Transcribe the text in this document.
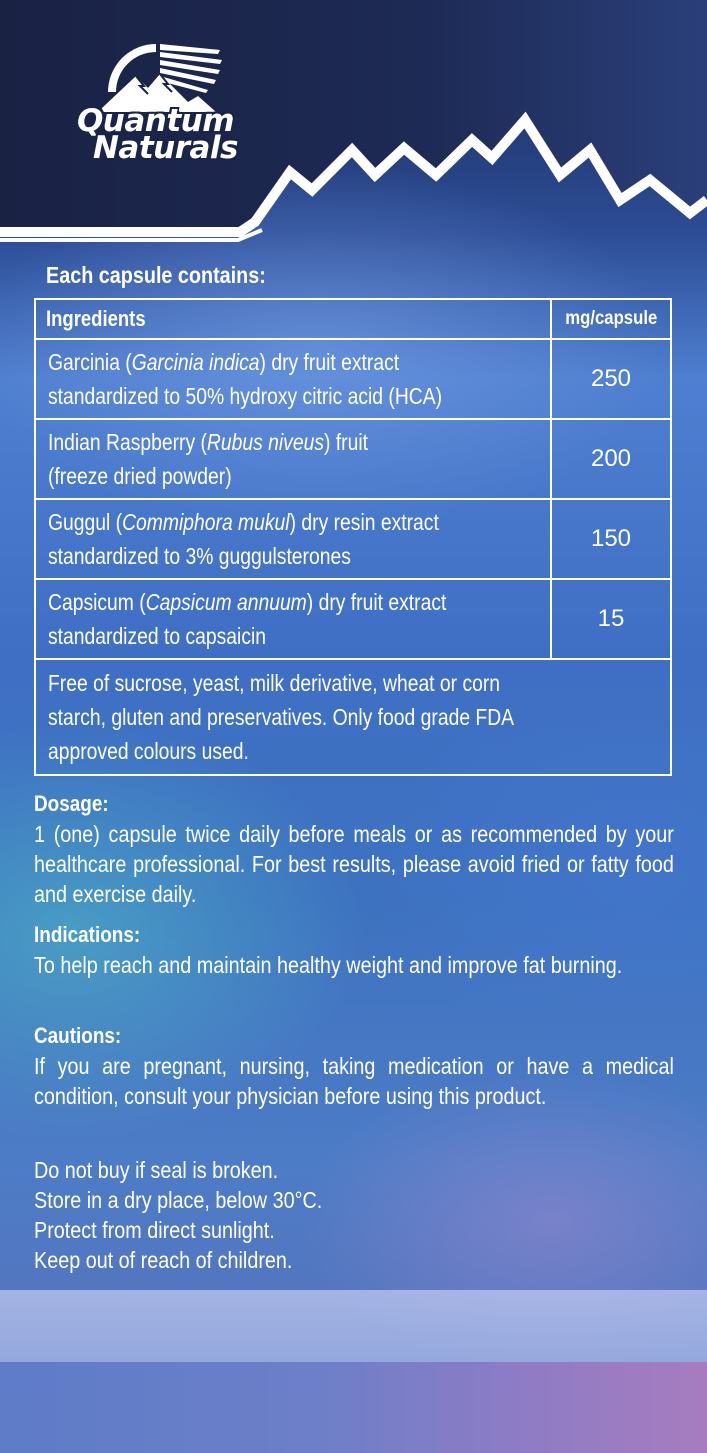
Quantum
Naturals
Each capsule contains:
Ingredients	mg/capsule
Garcinia (Garcinia indica) dry fruit extract
standardized to 50% hydroxy citric acid (HCA)	250
Indian Raspberry (Rubus niveus) fruit
(freeze dried powder)	200
Guggul (Commiphora mukul) dry resin extract
standardized to 3% guggulsterones	150
Capsicum (Capsicum annuum) dry fruit extract
standardized to capsaicin	15
Free of sucrose, yeast, milk derivative, wheat or corn
starch, gluten and preservatives. Only food grade FDA
approved colours used.	
Dosage:
1 (one) capsule twice daily before meals or as recommended by your healthcare professional. For best results, please avoid fried or fatty food and exercise daily.
Indications:
To help reach and maintain healthy weight and improve fat burning.
Cautions:
If you are pregnant, nursing, taking medication or have a medical condition, consult your physician before using this product.
Do not buy if seal is broken.
Store in a dry place, below 30°C.
Protect from direct sunlight.
Keep out of reach of children.
